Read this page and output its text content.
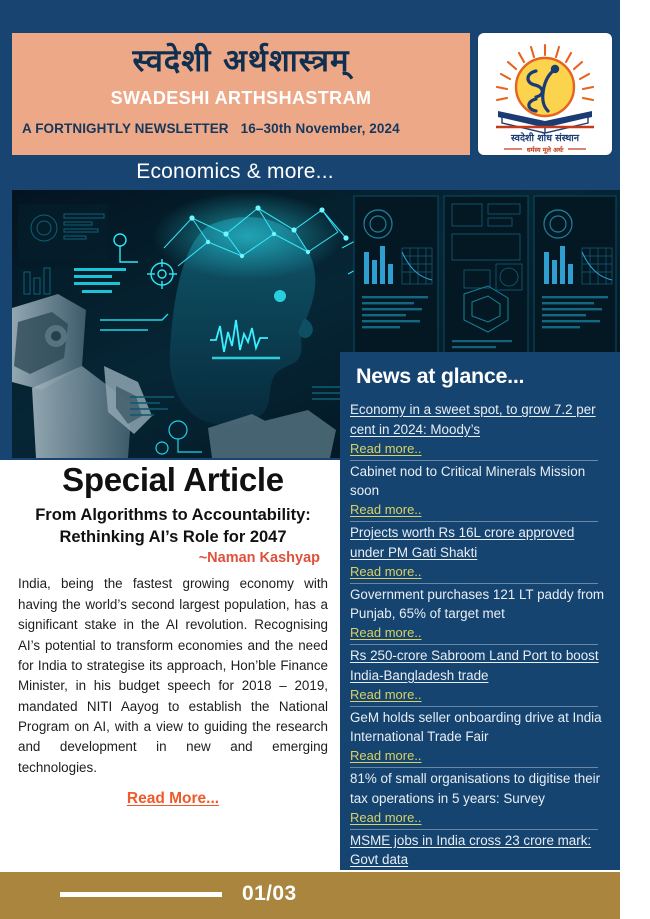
स्वदेशी अर्थशास्त्रम्
SWADESHI ARTHSHASTRAM
A FORTNIGHTLY NEWSLETTER 16–30th November, 2024
स्वदेशी शोध संस्थान
धर्मस्य मूले अर्थः
Economics & more...
Special Article
From Algorithms to Accountability: Rethinking AI’s Role for 2047
~Naman Kashyap

India, being the fastest growing economy with having the world’s second largest population, has a significant stake in the AI revolution. Recognising AI’s potential to transform economies and the need for India to strategise its approach, Hon’ble Finance Minister, in his budget speech for 2018 – 2019, mandated NITI Aayog to establish the National Program on AI, with a view to guiding the research and development in new and emerging technologies.

Read More...
News at glance...
Economy in a sweet spot, to grow 7.2 per cent in 2024: Moody’s
Read more..
Cabinet nod to Critical Minerals Mission soon
Read more..
Projects worth Rs 16L crore approved under PM Gati Shakti
Read more..
Government purchases 121 LT paddy from Punjab, 65% of target met
Read more..
Rs 250-crore Sabroom Land Port to boost India-Bangladesh trade
Read more..
GeM holds seller onboarding drive at India International Trade Fair
Read more..
81% of small organisations to digitise their tax operations in 5 years: Survey
Read more..
MSME jobs in India cross 23 crore mark: Govt data
01/03
